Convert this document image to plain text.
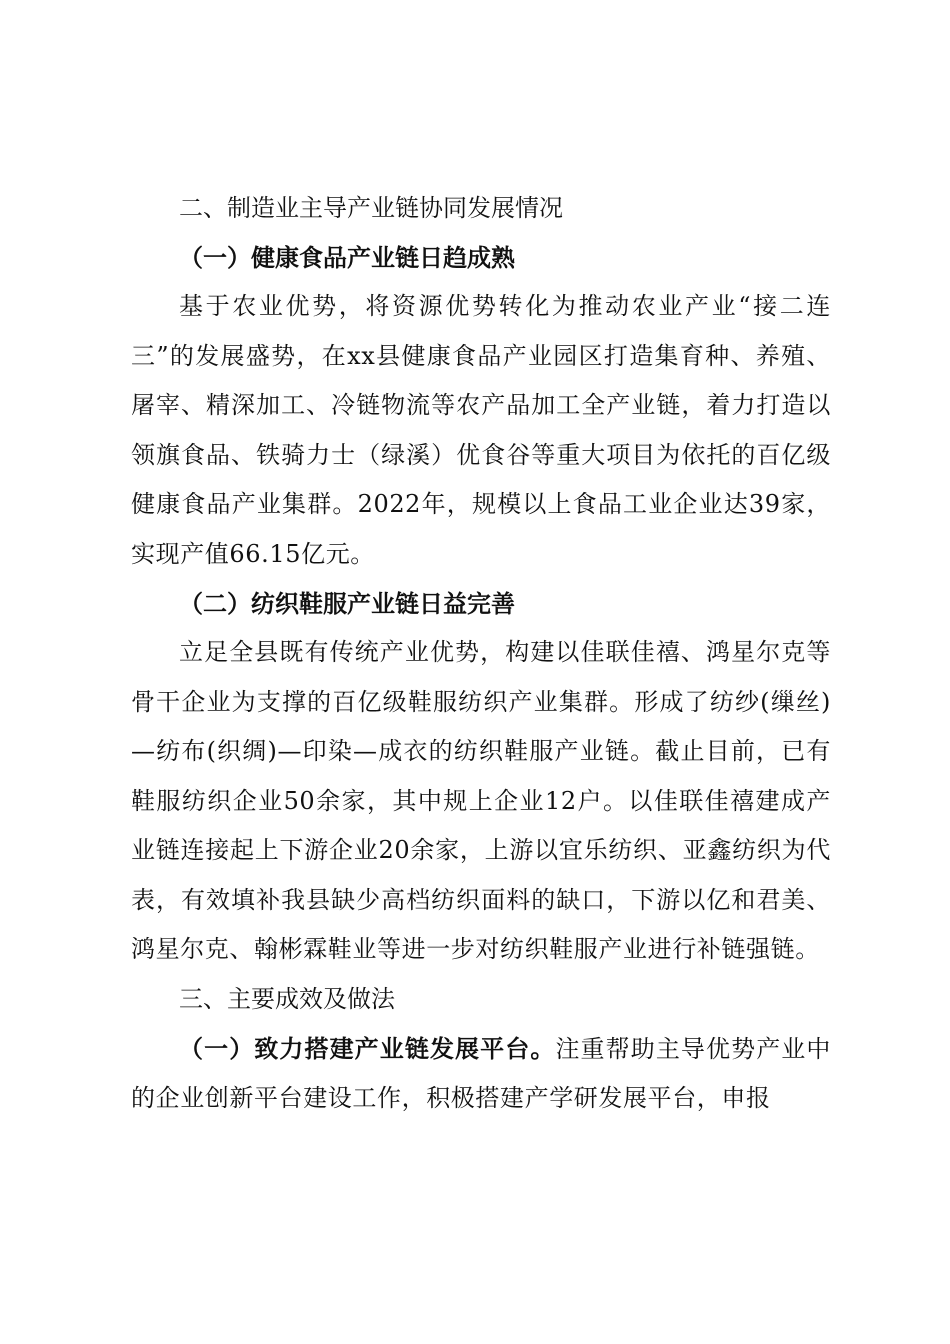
二、制造业主导产业链协同发展情况

（一）健康食品产业链日趋成熟

基于农业优势，将资源优势转化为推动农业产业“接二连三”的发展盛势，在xx县健康食品产业园区打造集育种、养殖、屠宰、精深加工、冷链物流等农产品加工全产业链，着力打造以领旗食品、铁骑力士（绿溪）优食谷等重大项目为依托的百亿级健康食品产业集群。2022年，规模以上食品工业企业达39家，实现产值66.15亿元。

（二）纺织鞋服产业链日益完善

立足全县既有传统产业优势，构建以佳联佳禧、鸿星尔克等骨干企业为支撑的百亿级鞋服纺织产业集群。形成了纺纱(缫丝)—纺布(织绸)—印染—成衣的纺织鞋服产业链。截止目前，已有鞋服纺织企业50余家，其中规上企业12户。以佳联佳禧建成产业链连接起上下游企业20余家，上游以宜乐纺织、亚鑫纺织为代表，有效填补我县缺少高档纺织面料的缺口，下游以亿和君美、鸿星尔克、翰彬霖鞋业等进一步对纺织鞋服产业进行补链强链。

三、主要成效及做法

（一）致力搭建产业链发展平台。注重帮助主导优势产业中的企业创新平台建设工作，积极搭建产学研发展平台，申报
